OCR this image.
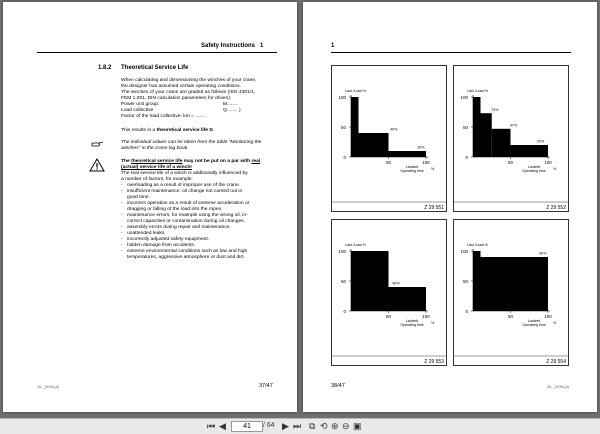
Safety Instructions 1
1.8.2 Theoretical Service Life

When calculating and dimensioning the winches of your crane,

the designer has assumed certain operating conditions.

The winches of your crane are graded as follows (ISO 4301/1,

FEM 1.001, DIN calculation parameters for drives):

Power unit group:	M........

Load collective	Q........ )

Factor of the load collective: km = ........

This results in a theoretical service life D.

The individual values can be taken from the table "Monitoring the

winches" in the crane log book.

The theoretical service life may not be put on a par with real

(actual) service life of a winch!

The real service life of a winch is additionally influenced by

a number of factors, for example:

- overloading as a result of improper use of the crane.

- insufficient maintenance: oil change not carried out in

good time.

- incorrect operation as a result of extreme acceleration or

dragging or falling of the load into the ropes.

- maintenance errors, for example using the wrong oil, in-

correct capacities or contamination during oil changes.

- assembly errors during repair and maintenance.

- unattended leaks.

- incorrectly adjusted safety equipment.

- hidden damage from accidents.

- extreme environmental conditions such as low and high

temperatures, aggressive atmosphere or dust and dirt.

3/1-_DCHL(A)	37/47
1
0
50
100
50	100
Last /Load %
Laufzeit
Operating time %
40%
10%
Z 29 551
0
50
100
50	100
Last /Load %
Laufzeit
Operating time %
73%
47%
20%
Z 29 552
0
50
100
50	100
Last /Load %
Laufzeit
Operating time %
40%
Z 29 553
0
50
100
50	100
Last /Load %
Laufzeit
Operating time %
90%
Z 29 554
38/47	3/1-_DCHL(A)
⏮ ◀	41	/ 64 ▶ ⏭ ⧉ ⟲ ⊕ ⊖ ▣
